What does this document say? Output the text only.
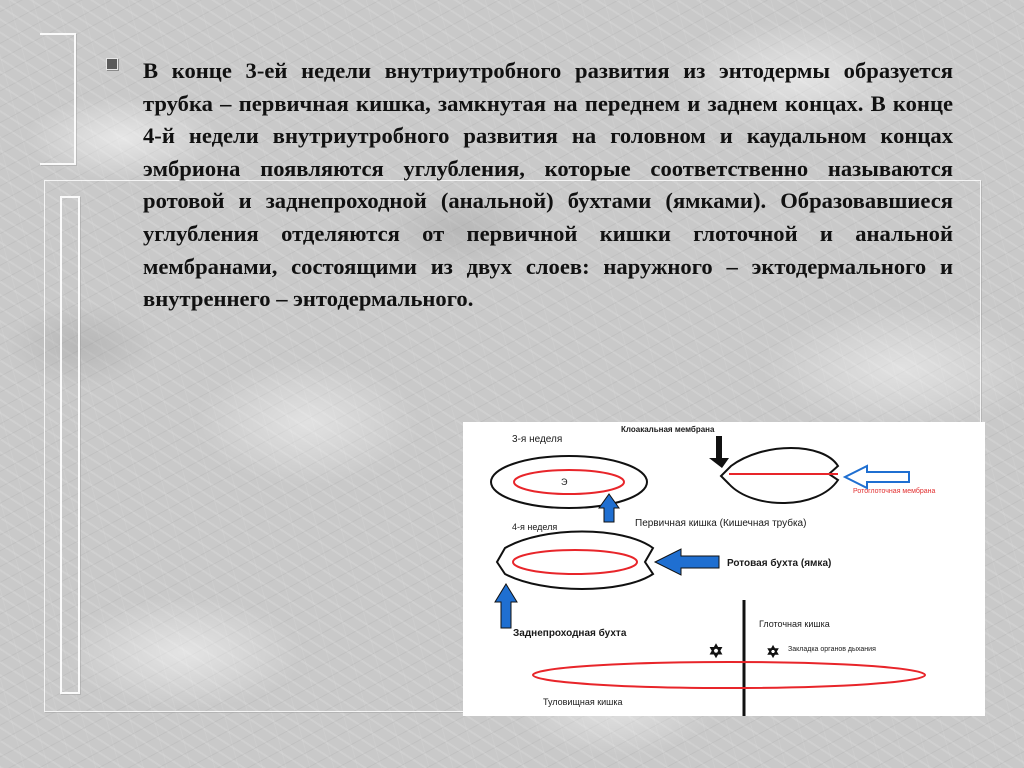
В конце 3-ей недели внутриутробного развития из энтодермы образуется трубка – первичная кишка, замкнутая на переднем и заднем концах. В конце 4-й недели внутриутробного развития на головном и каудальном концах эмбриона появляются углубления, которые соответственно называются ротовой и заднепроходной (анальной) бухтами (ямками). Образовавшиеся углубления отделяются от первичной кишки глоточной и анальной мембранами, состоящими из двух слоев: наружного – эктодермального и внутреннего – энтодермального.

3-я неделя
Э
Клоакальная мембрана
Ротоглоточная мембрана
Первичная кишка (Кишечная трубка)
4-я неделя
Ротовая бухта (ямка)
Заднепроходная бухта
Глоточная кишка
Закладка органов дыхания
✡	✡
Туловищная кишка
